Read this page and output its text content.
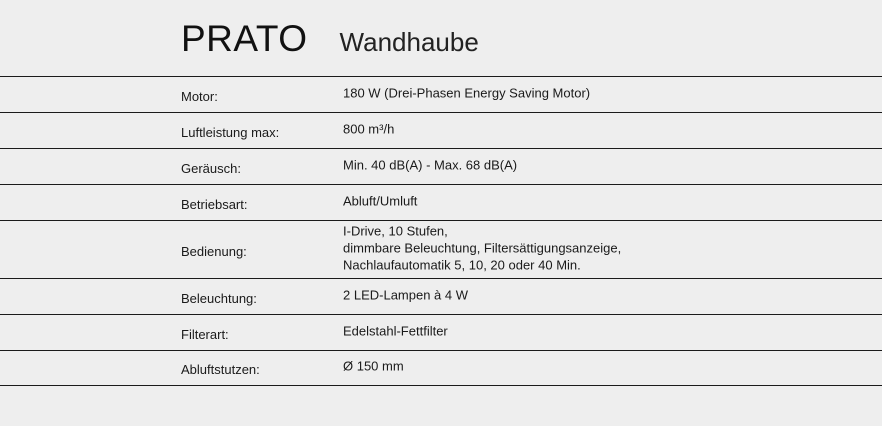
PRATO Wandhaube
Motor:	180 W (Drei-Phasen Energy Saving Motor)
Luftleistung max:	800 m³/h
Geräusch:	Min. 40 dB(A) - Max. 68 dB(A)
Betriebsart:	Abluft/Umluft
Bedienung:
I-Drive, 10 Stufen,
dimmbare Beleuchtung, Filtersättigungsanzeige,
Nachlaufautomatik 5, 10, 20 oder 40 Min.
Beleuchtung:	2 LED-Lampen à 4 W
Filterart:	Edelstahl-Fettfilter
Abluftstutzen:	Ø 150 mm
